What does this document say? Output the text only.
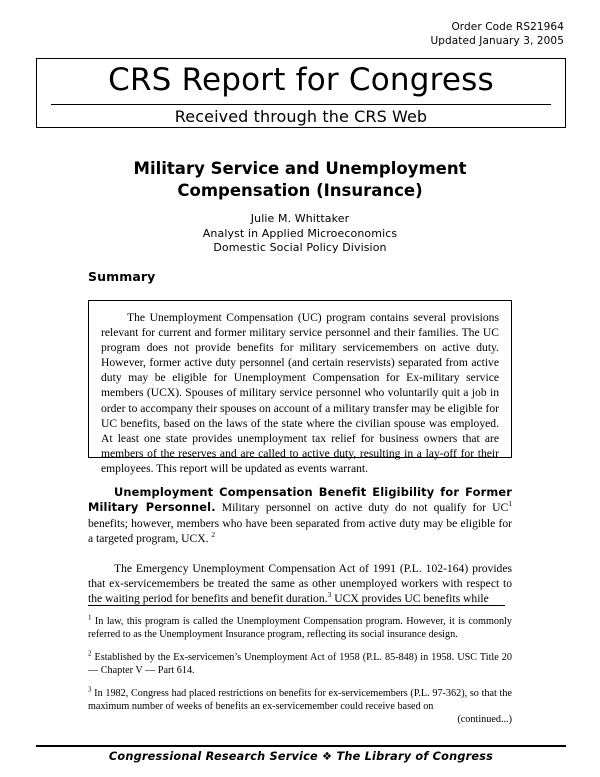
Order Code RS21964
Updated January 3, 2005
CRS Report for Congress
Received through the CRS Web
Military Service and Unemployment
Compensation (Insurance)
Julie M. Whittaker
Analyst in Applied Microeconomics
Domestic Social Policy Division
Summary

The Unemployment Compensation (UC) program contains several provisions relevant for current and former military service personnel and their families. The UC program does not provide benefits for military servicemembers on active duty. However, former active duty personnel (and certain reservists) separated from active duty may be eligible for Unemployment Compensation for Ex-military service members (UCX). Spouses of military service personnel who voluntarily quit a job in order to accompany their spouses on account of a military transfer may be eligible for UC benefits, based on the laws of the state where the civilian spouse was employed. At least one state provides unemployment tax relief for business owners that are members of the reserves and are called to active duty, resulting in a lay-off for their employees. This report will be updated as events warrant.

Unemployment Compensation Benefit Eligibility for Former Military Personnel. Military personnel on active duty do not qualify for $UC^1$ benefits; however, members who have been separated from active duty may be eligible for a targeted program, UCX. $^2$

The Emergency Unemployment Compensation Act of 1991 (P.L. 102-164) provides that ex-servicemembers be treated the same as other unemployed workers with respect to the waiting period for benefits and benefit duration.$^3$ UCX provides UC benefits while

$^1$ In law, this program is called the Unemployment Compensation program. However, it is commonly referred to as the Unemployment Insurance program, reflecting its social insurance design.

$^2$ Established by the Ex-servicemen’s Unemployment Act of 1958 (P.L. 85-848) in 1958. USC Title 20 — Chapter V — Part 614.

$^3$ In 1982, Congress had placed restrictions on benefits for ex-servicemembers (P.L. 97-362), so that the maximum number of weeks of benefits an ex-servicemember could receive based on
(continued...)

Congressional Research Service ❖ The Library of Congress
